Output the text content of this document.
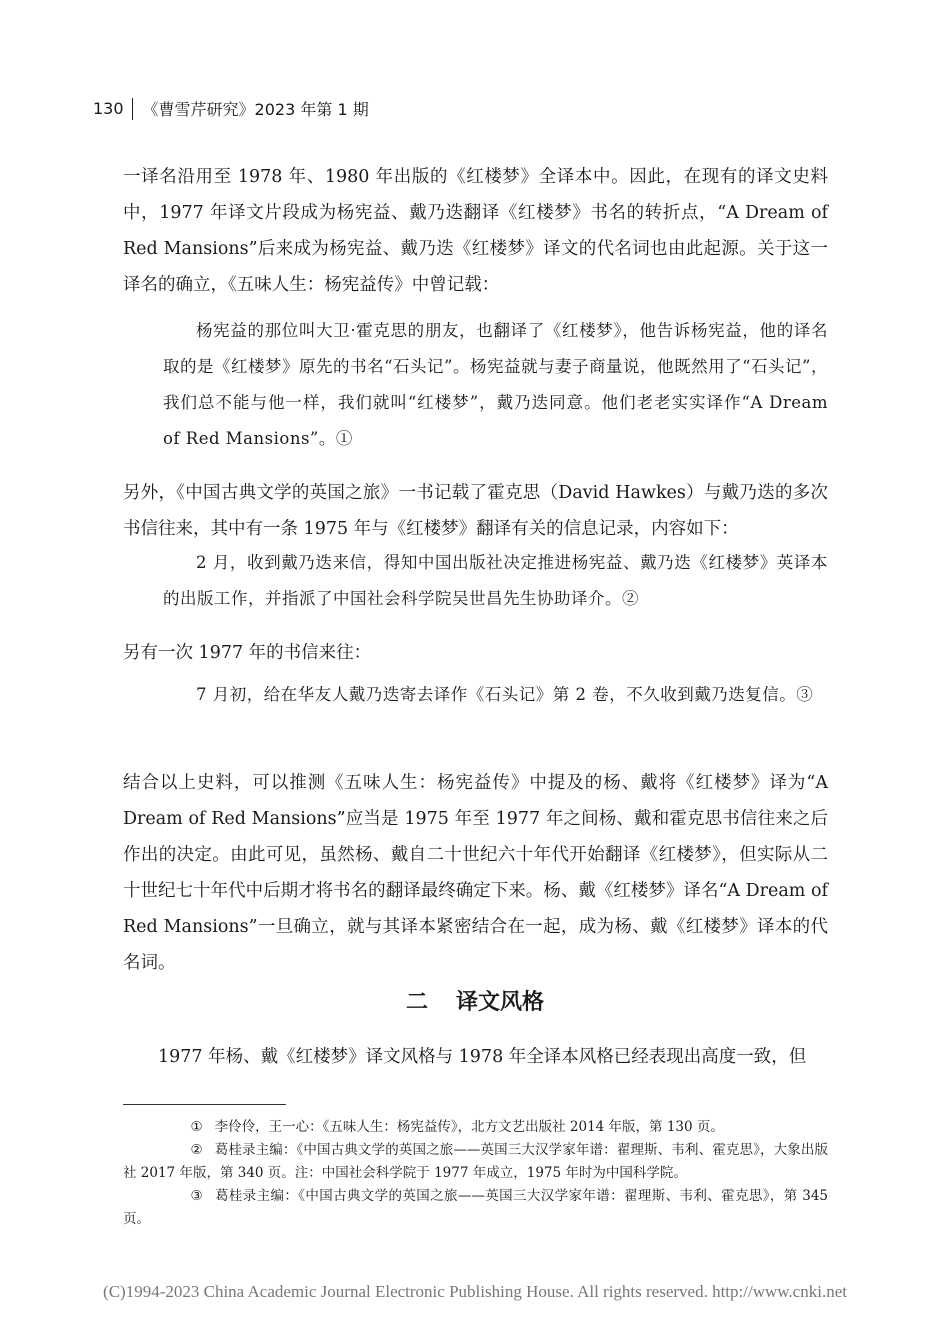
130	《曹雪芹研究》2023 年第 1 期
一译名沿用至 1978 年、1980 年出版的《红楼梦》全译本中。因此，在现有的译文史料中，1977 年译文片段成为杨宪益、戴乃迭翻译《红楼梦》书名的转折点，“A Dream of Red Mansions”后来成为杨宪益、戴乃迭《红楼梦》译文的代名词也由此起源。关于这一译名的确立，《五味人生：杨宪益传》中曾记载：
杨宪益的那位叫大卫·霍克思的朋友，也翻译了《红楼梦》，他告诉杨宪益，他的译名取的是《红楼梦》原先的书名“石头记”。杨宪益就与妻子商量说，他既然用了“石头记”，我们总不能与他一样，我们就叫“红楼梦”，戴乃迭同意。他们老老实实译作“A Dream of Red Mansions”。①
另外，《中国古典文学的英国之旅》一书记载了霍克思（David Hawkes）与戴乃迭的多次书信往来，其中有一条 1975 年与《红楼梦》翻译有关的信息记录，内容如下：
2 月，收到戴乃迭来信，得知中国出版社决定推进杨宪益、戴乃迭《红楼梦》英译本的出版工作，并指派了中国社会科学院吴世昌先生协助译介。②
另有一次 1977 年的书信来往：
7 月初，给在华友人戴乃迭寄去译作《石头记》第 2 卷，不久收到戴乃迭复信。③
结合以上史料，可以推测《五味人生：杨宪益传》中提及的杨、戴将《红楼梦》译为“A Dream of Red Mansions”应当是 1975 年至 1977 年之间杨、戴和霍克思书信往来之后作出的决定。由此可见，虽然杨、戴自二十世纪六十年代开始翻译《红楼梦》，但实际从二十世纪七十年代中后期才将书名的翻译最终确定下来。杨、戴《红楼梦》译名“A Dream of Red Mansions”一旦确立，就与其译本紧密结合在一起，成为杨、戴《红楼梦》译本的代名词。
二 译文风格
1977 年杨、戴《红楼梦》译文风格与 1978 年全译本风格已经表现出高度一致，但
① 李伶伶，王一心：《五味人生：杨宪益传》，北方文艺出版社 2014 年版，第 130 页。
② 葛桂录主编：《中国古典文学的英国之旅——英国三大汉学家年谱：翟理斯、韦利、霍克思》，大象出版社 2017 年版，第 340 页。注：中国社会科学院于 1977 年成立，1975 年时为中国科学院。
③ 葛桂录主编：《中国古典文学的英国之旅——英国三大汉学家年谱：翟理斯、韦利、霍克思》，第 345 页。
(C)1994-2023 China Academic Journal Electronic Publishing House. All rights reserved. http://www.cnki.net
